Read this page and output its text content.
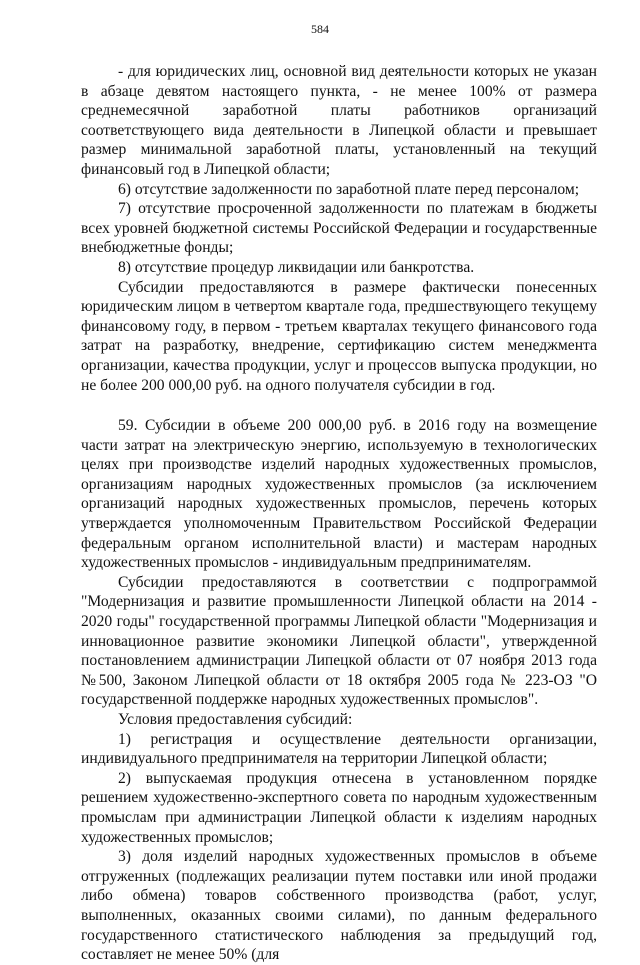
584

- для юридических лиц, основной вид деятельности которых не указан в абзаце девятом настоящего пункта, - не менее 100% от размера среднемесячной заработной платы работников организаций соответствующего вида деятельности в Липецкой области и превышает размер минимальной заработной платы, установленный на текущий финансовый год в Липецкой области;

6) отсутствие задолженности по заработной плате перед персоналом;

7) отсутствие просроченной задолженности по платежам в бюджеты всех уровней бюджетной системы Российской Федерации и государственные внебюджетные фонды;

8) отсутствие процедур ликвидации или банкротства.

Субсидии предоставляются в размере фактически понесенных юридическим лицом в четвертом квартале года, предшествующего текущему финансовому году, в первом - третьем кварталах текущего финансового года затрат на разработку, внедрение, сертификацию систем менеджмента организации, качества продукции, услуг и процессов выпуска продукции, но не более 200 000,00 руб. на одного получателя субсидии в год.

59. Субсидии в объеме 200 000,00 руб. в 2016 году на возмещение части затрат на электрическую энергию, используемую в технологических целях при производстве изделий народных художественных промыслов, организациям народных художественных промыслов (за исключением организаций народных художественных промыслов, перечень которых утверждается уполномоченным Правительством Российской Федерации федеральным органом исполнительной власти) и мастерам народных художественных промыслов - индивидуальным предпринимателям.

Субсидии предоставляются в соответствии с подпрограммой "Модернизация и развитие промышленности Липецкой области на 2014 - 2020 годы" государственной программы Липецкой области "Модернизация и инновационное развитие экономики Липецкой области", утвержденной постановлением администрации Липецкой области от 07 ноября 2013 года №500, Законом Липецкой области от 18 октября 2005 года № 223-ОЗ "О государственной поддержке народных художественных промыслов".

Условия предоставления субсидий:

1) регистрация и осуществление деятельности организации, индивидуального предпринимателя на территории Липецкой области;

2) выпускаемая продукция отнесена в установленном порядке решением художественно-экспертного совета по народным художественным промыслам при администрации Липецкой области к изделиям народных художественных промыслов;

3) доля изделий народных художественных промыслов в объеме отгруженных (подлежащих реализации путем поставки или иной продажи либо обмена) товаров собственного производства (работ, услуг, выполненных, оказанных своими силами), по данным федерального государственного статистического наблюдения за предыдущий год, составляет не менее 50% (для
